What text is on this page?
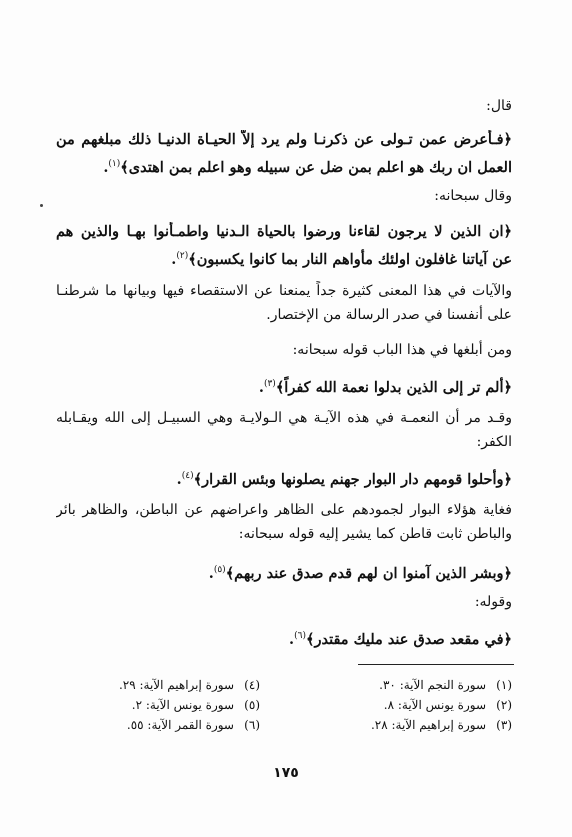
قال:
﴿فـأعرض عمن تـولى عن ذكرنـا ولم يرد إلاّ الحيـاة الدنيـا ذلك مبلغهم من
العمل ان ربك هو اعلم بمن ضل عن سبيله وهو اعلم بمن اهتدى﴾$^{(١)}$.
وقال سبحانه:
﴿ان الذين لا يرجون لقاءنا ورضوا بالحياة الـدنيا واطمـأنوا بهـا والذين هم
عن آياتنا غافلون اولئك مأواهم النار بما كانوا يكسبون﴾$^{(٢)}$.
والآيات في هذا المعنى كثيرة جداً يمنعنا عن الاستقصاء فيها وبيانها ما شرطنـا
على أنفسنا في صدر الرسالة من الإختصار.
ومن أبلغها في هذا الباب قوله سبحانه:
﴿ألم تر إلى الذين بدلوا نعمة الله كفراً﴾$^{(٣)}$.
وقـد مر أن النعمـة في هذه الآيـة هي الـولايـة وهي السبيـل إلى الله ويقـابله
الكفر:
﴿وأحلوا قومهم دار البوار جهنم يصلونها وبئس القرار﴾$^{(٤)}$.
فغاية هؤلاء البوار لجمودهم على الظاهر واعراضهم عن الباطن، والظاهر بائر
والباطن ثابت قاطن كما يشير إليه قوله سبحانه:
﴿وبشر الذين آمنوا ان لهم قدم صدق عند ربهم﴾$^{(٥)}$.
وقوله:
﴿في مقعد صدق عند مليك مقتدر﴾$^{(٦)}$.
(١)سورة النجم الآية: ٣٠.
(٢)سورة يونس الآية: ٨.
(٣)سورة إبراهيم الآية: ٢٨.
(٤)سورة إبراهيم الآية: ٢٩.
(٥)سورة يونس الآية: ٢.
(٦)سورة القمر الآية: ٥٥.
١٧٥
